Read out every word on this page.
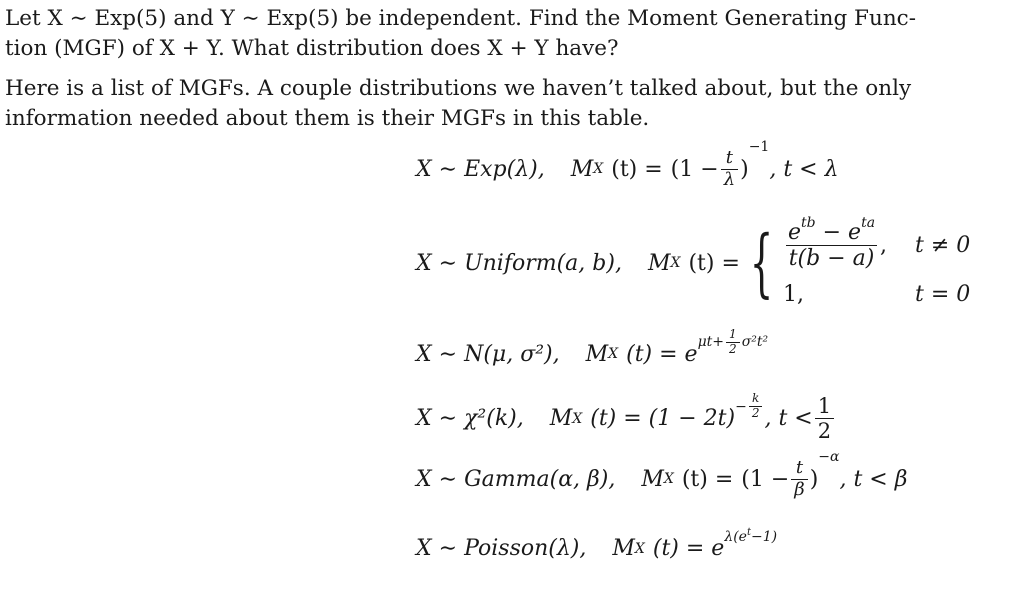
Let X ∼ Exp(5) and Y ∼ Exp(5) be independent. Find the Moment Generating Func-
tion (MGF) of X + Y. What distribution does X + Y have?

Here is a list of MGFs. A couple distributions we haven’t talked about, but the only
information needed about them is their MGFs in this table.

X ∼ Exp(λ), M X $(t) = (1 - \frac{t}{\lambda}$ )
−1
, t < λ
X ∼ Uniform(a, b), M X (t) = { $\frac{e^{tb} - e^{ta}}{t(b - a)}$ , t ≠ 0
1,	t = 0
X ∼ N(μ, σ²), M X (t) = e $\mu t+ \frac{1}{2} \sigma^2t^2$
X ∼ χ²(k), M X $(t) = (1 - 2t) - \frac{k}{2}$ , $t < \frac{1}{2}$
X ∼ Gamma(α, β), M X $(t) = (1 - \frac{t}{\beta}$ )
−α
, t < β
X ∼ Poisson(λ), M X (t) = e $\lambda(e^t-1)$
